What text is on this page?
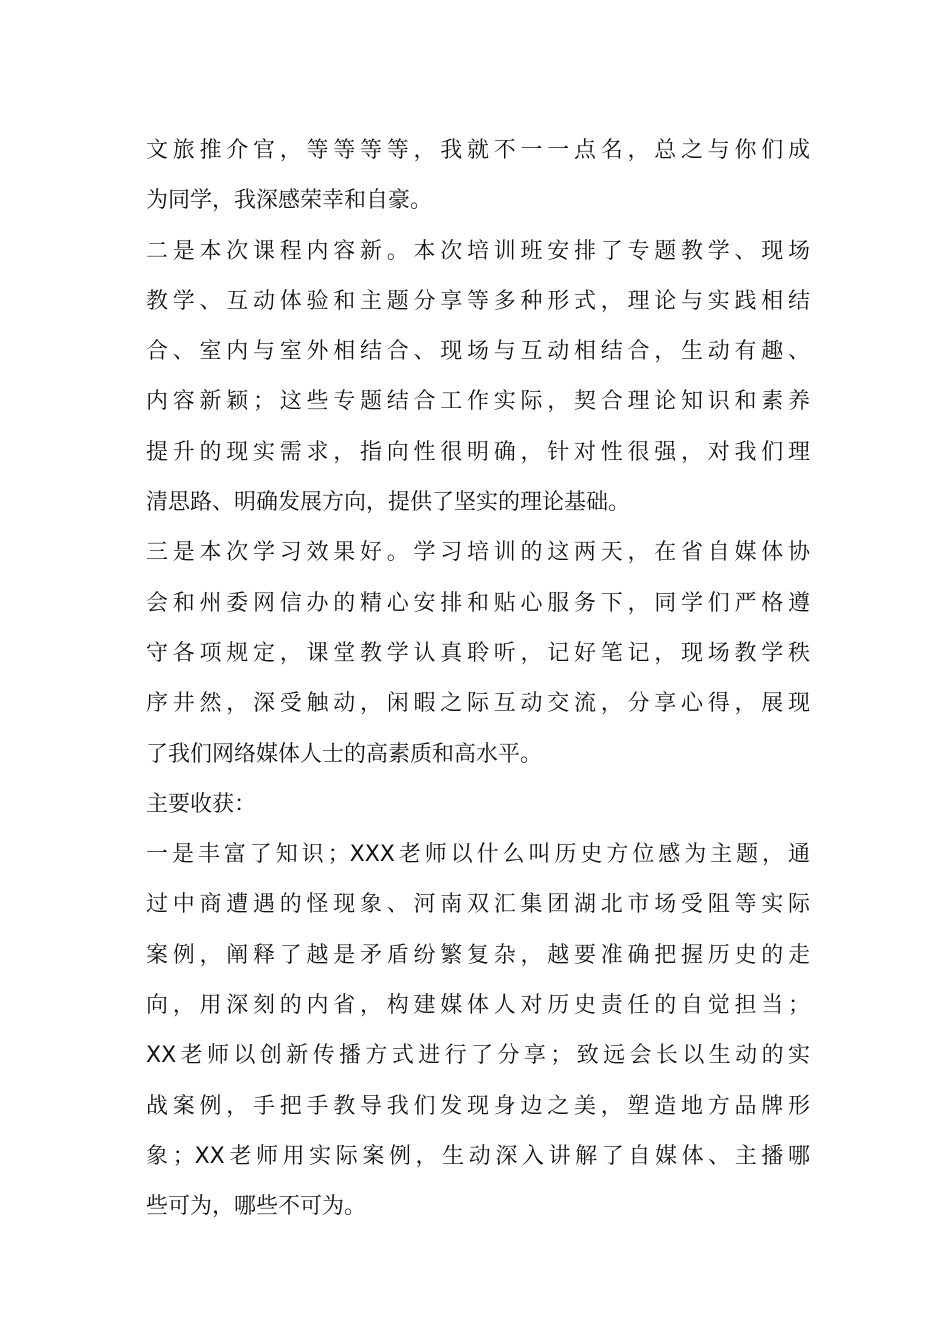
文旅推介官，等等等等，我就不一一点名，总之与你们成
为同学，我深感荣幸和自豪。
二是本次课程内容新。本次培训班安排了专题教学、现场
教学、互动体验和主题分享等多种形式，理论与实践相结
合、室内与室外相结合、现场与互动相结合，生动有趣、
内容新颖；这些专题结合工作实际，契合理论知识和素养
提升的现实需求，指向性很明确，针对性很强，对我们理
清思路、明确发展方向，提供了坚实的理论基础。
三是本次学习效果好。学习培训的这两天，在省自媒体协
会和州委网信办的精心安排和贴心服务下，同学们严格遵
守各项规定，课堂教学认真聆听，记好笔记，现场教学秩
序井然，深受触动，闲暇之际互动交流，分享心得，展现
了我们网络媒体人士的高素质和高水平。
主要收获：
一是丰富了知识；XXX老师以什么叫历史方位感为主题，通
过中商遭遇的怪现象、河南双汇集团湖北市场受阻等实际
案例，阐释了越是矛盾纷繁复杂，越要准确把握历史的走
向，用深刻的内省，构建媒体人对历史责任的自觉担当；
XX老师以创新传播方式进行了分享；致远会长以生动的实
战案例，手把手教导我们发现身边之美，塑造地方品牌形
象；XX老师用实际案例，生动深入讲解了自媒体、主播哪
些可为，哪些不可为。
